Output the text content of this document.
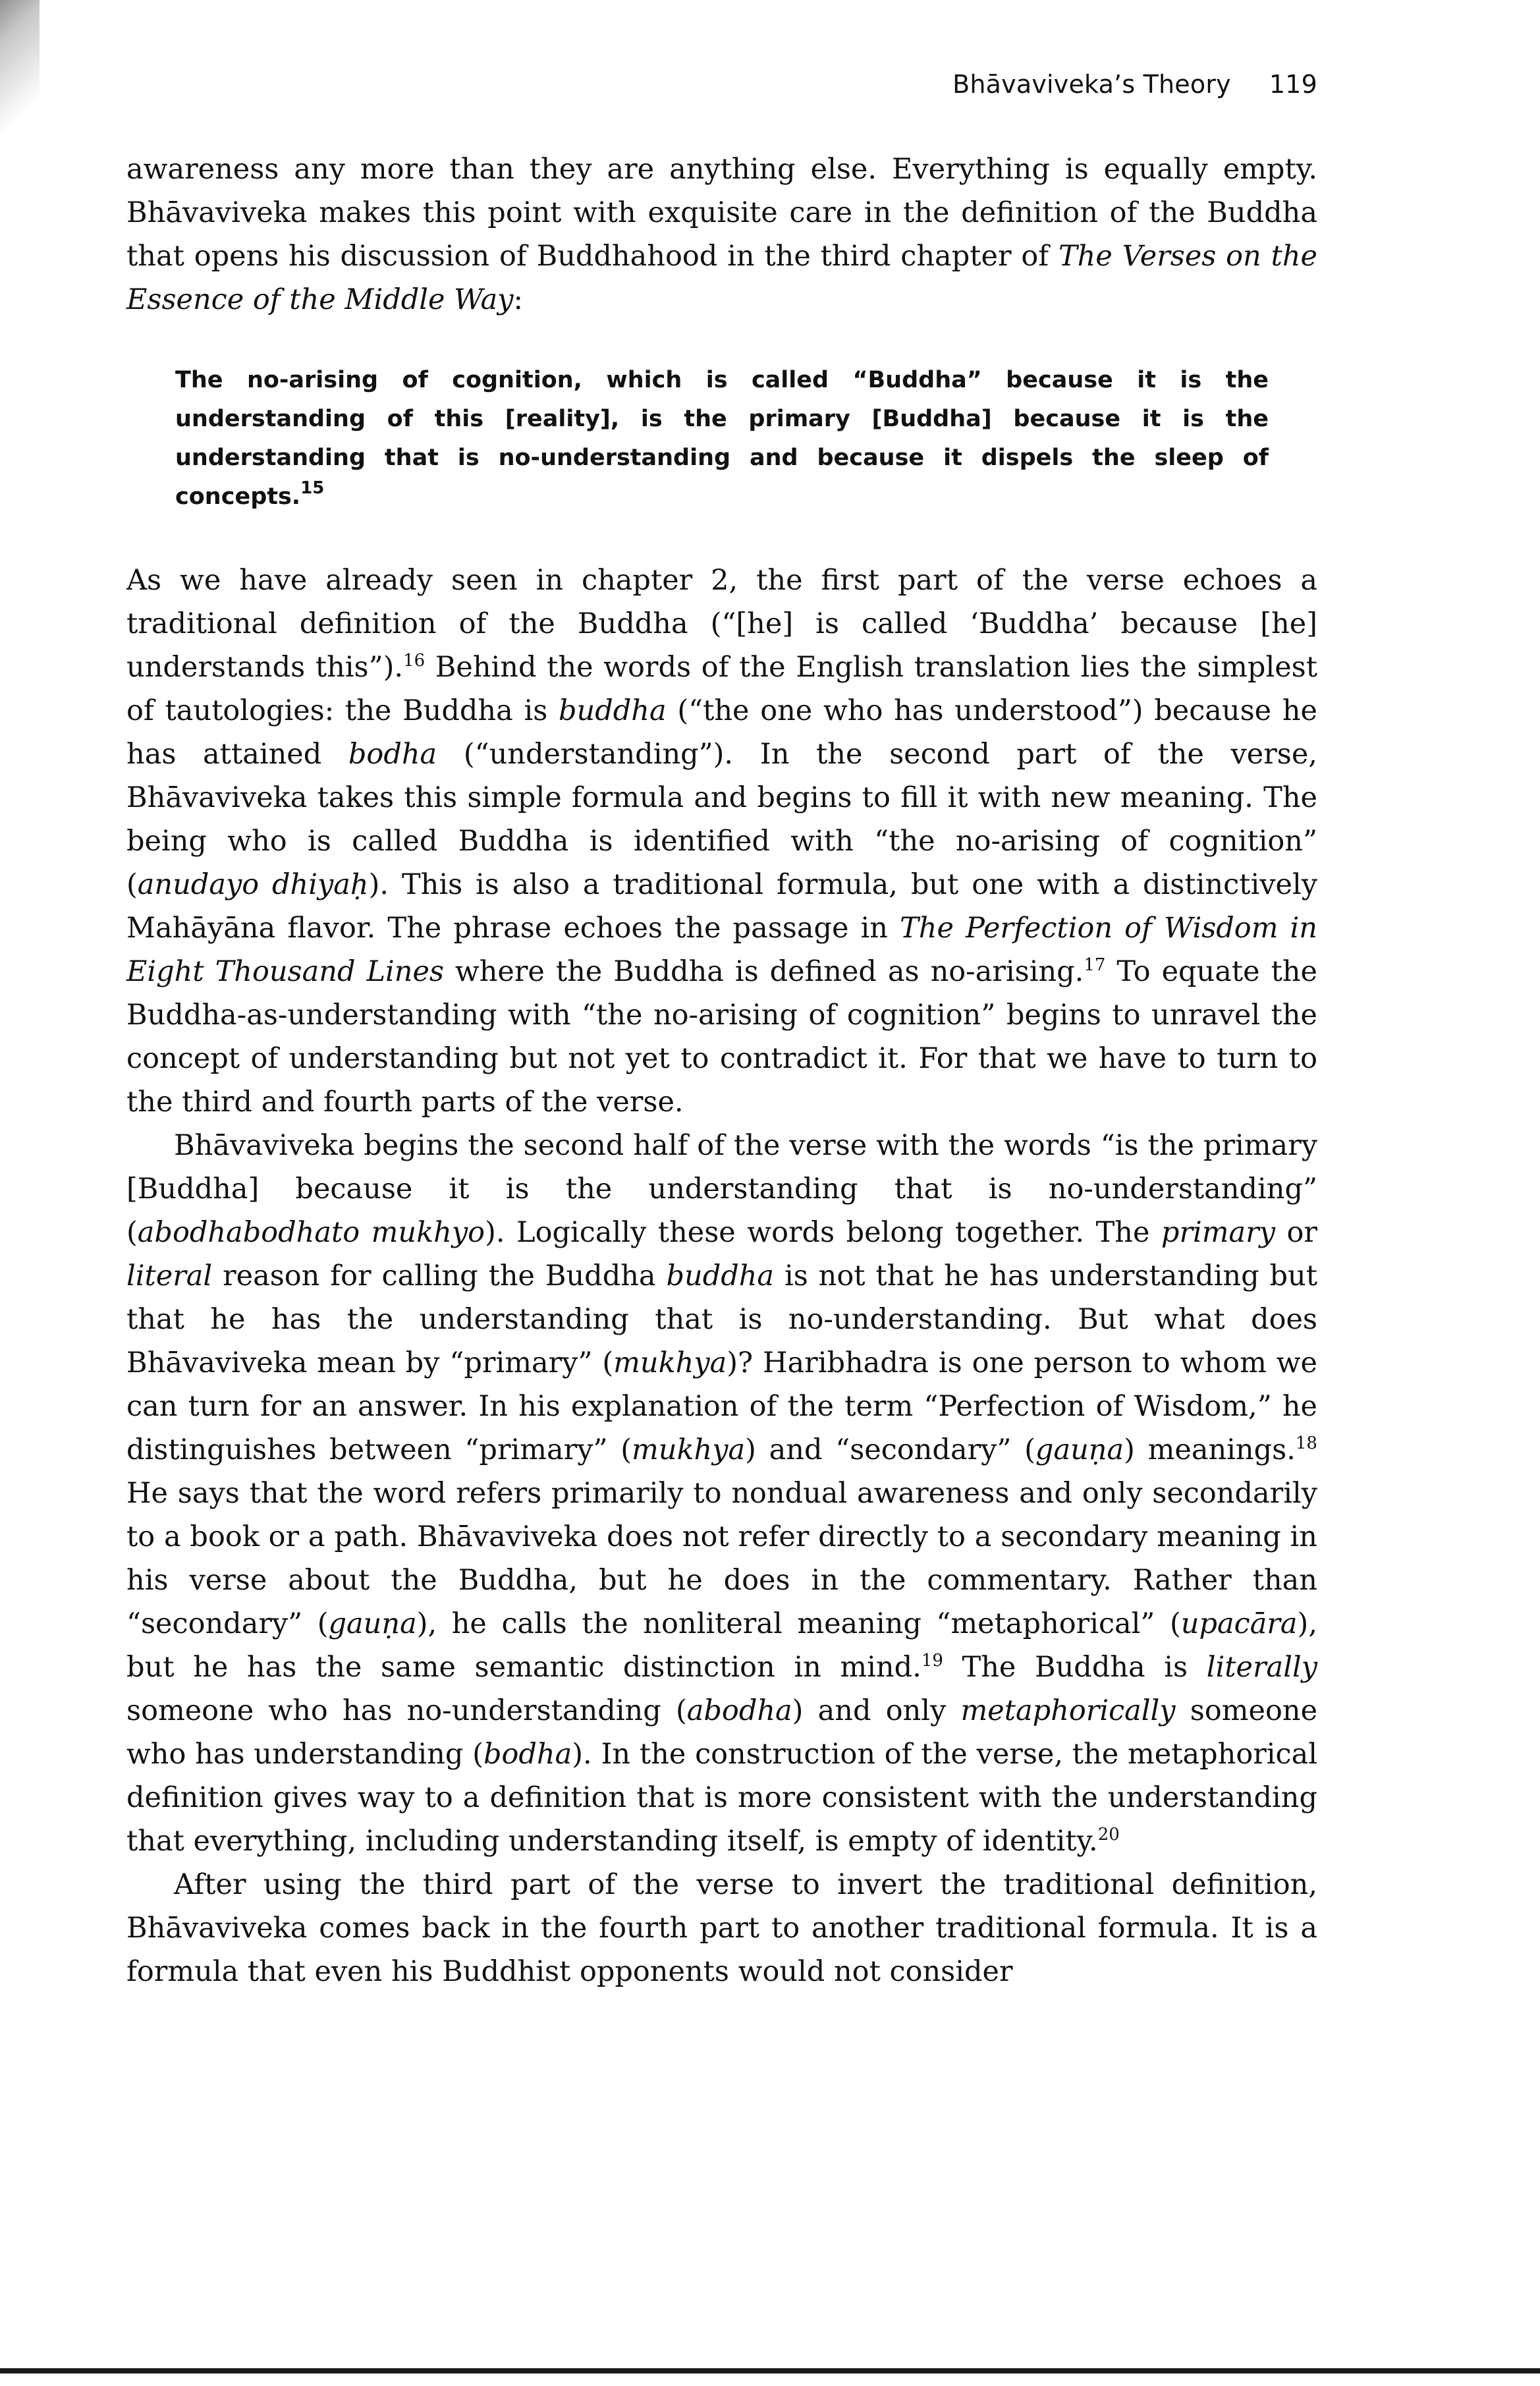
Bhāvaviveka’s Theory 119

awareness any more than they are anything else. Everything is equally empty. Bhāvaviveka makes this point with exquisite care in the definition of the Buddha that opens his discussion of Buddhahood in the third chapter of The Verses on the Essence of the Middle Way:

The no-arising of cognition, which is called “Buddha” because it is the understanding of this [reality], is the primary [Buddha] because it is the understanding that is no-understanding and because it dispels the sleep of concepts.$^{15}$

As we have already seen in chapter 2, the first part of the verse echoes a traditional definition of the Buddha (“[he] is called ‘Buddha’ because [he] understands this”).$^{16}$ Behind the words of the English translation lies the simplest of tautologies: the Buddha is buddha (“the one who has understood”) because he has attained bodha (“understanding”). In the second part of the verse, Bhāvaviveka takes this simple formula and begins to fill it with new meaning. The being who is called Buddha is identified with “the no-arising of cognition” (anudayo dhiyaḥ). This is also a traditional formula, but one with a distinctively Mahāyāna flavor. The phrase echoes the passage in The Perfection of Wisdom in Eight Thousand Lines where the Buddha is defined as no-arising.$^{17}$ To equate the Buddha-as-understanding with “the no-arising of cognition” begins to unravel the concept of understanding but not yet to contradict it. For that we have to turn to the third and fourth parts of the verse.

Bhāvaviveka begins the second half of the verse with the words “is the primary [Buddha] because it is the understanding that is no-understanding” (abodhabodhato mukhyo). Logically these words belong together. The primary or literal reason for calling the Buddha buddha is not that he has understanding but that he has the understanding that is no-understanding. But what does Bhāvaviveka mean by “primary” (mukhya)? Haribhadra is one person to whom we can turn for an answer. In his explanation of the term “Perfection of Wisdom,” he distinguishes between “primary” (mukhya) and “secondary” (gauṇa) meanings.$^{18}$ He says that the word refers primarily to nondual awareness and only secondarily to a book or a path. Bhāvaviveka does not refer directly to a secondary meaning in his verse about the Buddha, but he does in the commentary. Rather than “secondary” (gauṇa), he calls the nonliteral meaning “metaphorical” (upacāra), but he has the same semantic distinction in mind.$^{19}$ The Buddha is literally someone who has no-understanding (abodha) and only metaphorically someone who has understanding (bodha). In the construction of the verse, the metaphorical definition gives way to a definition that is more consistent with the understanding that everything, including understanding itself, is empty of identity.$^{20}$

After using the third part of the verse to invert the traditional definition, Bhāvaviveka comes back in the fourth part to another traditional formula. It is a formula that even his Buddhist opponents would not consider
